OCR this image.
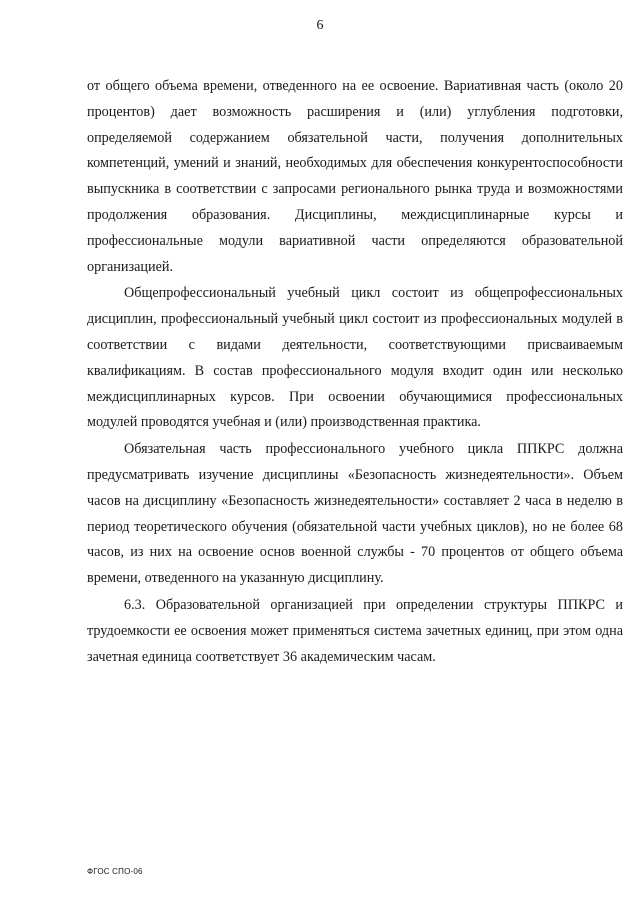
6

от общего объема времени, отведенного на ее освоение. Вариативная часть (около 20 процентов) дает возможность расширения и (или) углубления подготовки, определяемой содержанием обязательной части, получения дополнительных компетенций, умений и знаний, необходимых для обеспечения конкурентоспособности выпускника в соответствии с запросами регионального рынка труда и возможностями продолжения образования. Дисциплины, междисциплинарные курсы и профессиональные модули вариативной части определяются образовательной организацией.

Общепрофессиональный учебный цикл состоит из общепрофессиональных дисциплин, профессиональный учебный цикл состоит из профессиональных модулей в соответствии с видами деятельности, соответствующими присваиваемым квалификациям. В состав профессионального модуля входит один или несколько междисциплинарных курсов. При освоении обучающимися профессиональных модулей проводятся учебная и (или) производственная практика.

Обязательная часть профессионального учебного цикла ППКРС должна предусматривать изучение дисциплины «Безопасность жизнедеятельности». Объем часов на дисциплину «Безопасность жизнедеятельности» составляет 2 часа в неделю в период теоретического обучения (обязательной части учебных циклов), но не более 68 часов, из них на освоение основ военной службы - 70 процентов от общего объема времени, отведенного на указанную дисциплину.

6.3. Образовательной организацией при определении структуры ППКРС и трудоемкости ее освоения может применяться система зачетных единиц, при этом одна зачетная единица соответствует 36 академическим часам.

ФГОС СПО-06
